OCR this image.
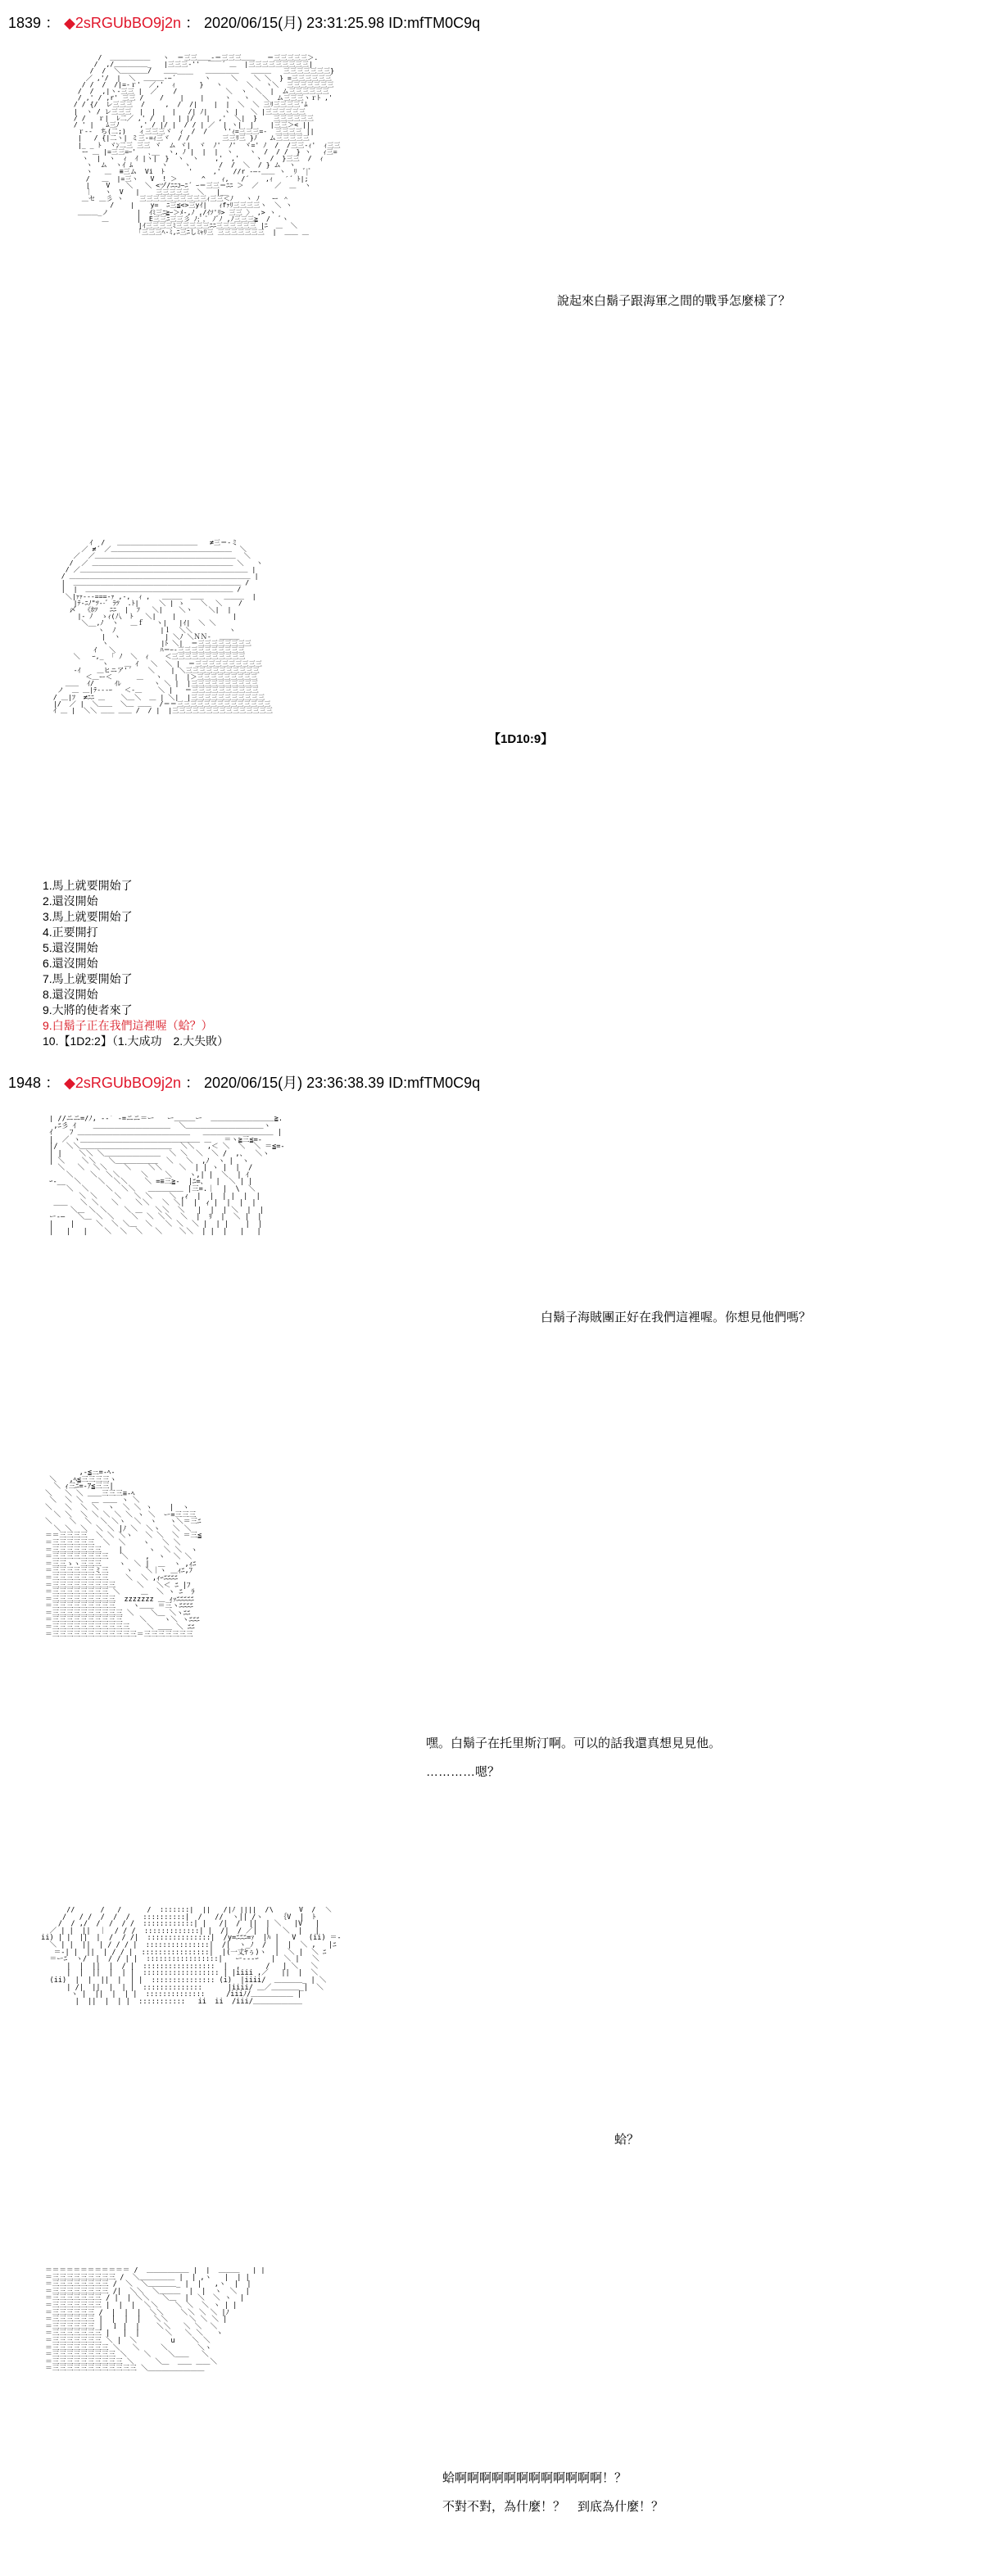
1839 ： ◆2sRGUbBO9j2n ： 2020/06/15(月) 23:31:25.98 ID:mfTM0C9q
/  ＿＿＿＿＿＿   ヽ  ＝三三＿＿-＝三三三＿＿   ＝三三三三三＞.
/  ,/＿＿＿＿＿_   |三三三-''  ￣￣´ ＿  |三三三三三三三三三|
/  /  ＼＿＿＿＿/   ＿＿____   ＿＿＿＿＿   ＿＿＿   三三三三三三三}
／ ,'/  |  ＼  ＿＿＿-~´       ヽ     ＼    ＼ ＼  } =三三三三三三
/ /  /  /|=-ｒ'  ／,'  ｨ      }   ヽ      ＼   ヽ＼  三三三三三三三
/  /  ,|ヽ-三三 |  ／    /            ＼  ヽ  ＼  |  ム三三三三三三
/ ,' / ,r' 三三 /    /    |    |     ヽ   ヽ   ＼  ム三三三ヽｒﾄ ,'
/ / {/  レ三三三  /     ,  /  /|    |  |  ＼  ＼ 三ﾘ三三三三'ﾑ
|  ヽ / レ三三三  |  |    |   /| ﾉ|    ヽ |   ＼ |三三三三三三
/ /   ｒ|  ﾚ二／ ,' /  |   | |/   |  ,'  ＼|  }    三三三三三三
/ ' |   ﾑ三ﾉ     ,' / |/ |  / / | ／  | ヽ|  |    |三三＞< ||
ｒ--  ち(二;)   ィ三三三ヾ  ｨ  /  /    ''ｨ=三三三=‐  三三三三 ||
|   / {|二ヽ| ミ三-=ｨ三ヾ  / /        三三ﾘ三 }ﾉ   ム三三三三三
|_ _ ﾄ  ヾﾝ二三 三三 ヾ  ム ヾ|  ヾ  ﾉ'  ﾉ'  ヾ=' ﾉ  /  /三三-ｨ'  ｨ三三
ー ＿ |=三三=ｰ'   ､__  ヽ, ﾉ |  |  |  ヽ    ヽ  /  / /  } ヽ   ｨ三=
ヽ  |  ヽ  ｨ  ｲ |ヽ|  }  ヽ  ヽ    ,'  ,'    ヽ  /  }三三  /  ｨ
ヽ  ム  ヽｲ ﾑ       ヽ    ヽ       /  /  ＼  / } ム  ヽ
ヽ   ＿  ≡三ム  Vi  ﾄ      '     ,'   //r ‐―‐＿＿ ヽ  ﾘ  ﾞ|ﾞ
/   ＿  |=三ヽ   V  ! ＞      ^    ｨ,   /´    ,ｨ   ′´ ﾄ|;
|    V    ＼   ＼ <ヅ/ﾆﾆｺ~ﾆ´ ｰ＝三三＝ﾆﾆ ＞  ／    ／  ＿  ヽ
｜   ヽ  V   |    三三三三三  ＼   |__
＿セ ＿彡 ヽ    三三三三三三三三三三ｨ三三＜ﾉ   ヽ ﾉ   ー ＾
/    |    y=  ﾆ三≦<>三yｲ|   ｨfｧﾘ三三三三ヽ  ＼ ヽ
＿＿＿_ノ       |  ｲﾐ三ﾆ≧ｰ＞ﾒ‐,ﾉ ,/ｲｿ'ﾘ> 三三 〉 ,> ヽ
＿       |  E三三ﾆ三三彡 ﾉ;ﾞ,ﾟ ﾉﾞﾉ ,ﾉ三三三≧  /  ﾞヽ
|ｲ三三三三ﾐ三三三三三ﾆﾆ三三三三三三 |ﾆ  ＿  ＼
｢三三三ﾍ‐ﾐ,ﾆ三ﾆしﾐｬﾘ三 三三三三三三三  |  ＿＿ ＿
說起來白鬍子跟海軍之間的戰爭怎麼樣了？
ｲ  /   ＿＿＿＿＿＿＿＿＿＿＿＿   ≠三＝-ミ
／ ≠´ ／＿＿＿＿＿＿＿＿＿＿＿＿＿＿＿＿＿＿  ＼
／  ／＿＿＿＿＿＿＿＿＿＿＿＿＿＿＿＿＿＿＿＿＿  ＼
/  ／ ＿＿＿＿＿＿＿＿＿＿＿＿＿＿＿＿＿＿＿＿＿ ＼   ヽ
/ ／＿＿＿＿＿＿＿＿＿＿＿＿＿＿＿＿＿＿＿＿＿＿＿＿＿ |
/ ＿＿＿＿＿＿＿＿＿＿＿＿＿＿＿＿＿＿＿＿＿＿＿＿＿＿＿ |
|  ＿＿＿＿＿＿＿＿＿＿＿＿＿＿＿＿＿＿＿＿＿＿＿＿＿ /
|  |  ＿＿＿＿＿＿＿＿＿＿＿＿＿＿＿＿＿＿＿＿＿＿ /
＼|ｧｧ‐--===-ｧ ,-,  ｨ ,   ＿＿＿  ＿＿     ＿＿＿  |
|ﾃ-ﾆﾉ"ﾂ‐-ﾞ ﾗﾂ  .ﾄ|     ＼ | ゝ    ＼  ＼    /
〆  《ﾎﾂ   ﾆﾆ  |  ﾌ   ＼|    ＼ヽ    ＼|  |
|‐ ﾉ  ゝｨ(八  ﾄ   ＼|    |              |
＼__,ﾉ  ヽ   ＿ｆ   ヽ|   |ｲ|  ＼ ＼
ヽ  ﾉ           |ｌ  ＼＼         ヽ
|  ヽ           | ＼ﾉ ＼ＮＮ-  ＿＿＿
ヽ             |ﾄ ＼|  ＝三三三三三三三三
ｲ   ＼           ﾊ＝ｰ-三三三三三三三三三三
＼   ｰ,_  ｢ ﾉ  ＼  ｨ    ＜三三三三三三三三三三三
ヽ    ＿ ｲ   ＼  ＼ |  ＝三三三三三三三三三三
-ｲ    ＿ヒニア'´    ＼    | ＼三三三三三三三三三三三
＜＿ー＜      ＿   ヽ   |  |＞三三三三三三三三三
＿＿  ｲ/     ｲﾚ        ヽ ＼ |  |三三三三三三三三三三
ノ  ＿ ＿|ﾃ-‐-ｰ   ＜‐＿    ＼ |   ＝三三三三三三三三三三
/ ＿|ﾌ  ≠ﾆﾆ ＿    ＼＿＼  ＿ | ＼|  |三三三三三三三三三三三
|/  ／ |  ＼＿＿  ＼＿ ＿＿  /＝＝三三三三三三三三三三三三三三
ｲ ＿ |  ＼＼ ＿＿ ＿＿ /  / |  |三三三三三三三三三三三三三三三
【1D10:9】
1.馬上就要開始了
2.還沒開始
3.馬上就要開始了
4.正要開打
5.還沒開始
6.還沒開始
7.馬上就要開始了
8.還沒開始
9.大將的使者來了
9.白鬍子正在我們這裡喔（蛤？）
10.【1D2:2】（1.大成功　2.大失敗）
1948 ： ◆2sRGUbBO9j2n ： 2020/06/15(月) 23:36:38.39 ID:mfTM0C9q
| //ニニ=/ﾉ, -‐´ -=ニニ＝ー   ー＿＿＿ー  ＿＿＿＿＿＿＿＿＿≧.
,ﾆ彡 ｲ    ＿＿＿＿＿＿＿＿＿＿＿  ＼＿＿＿＿＿＿＿＿＿＿＿ヽ
ｲ    ﾌ ＿＿＿＿＿＿＿＿＿＿＿＿＿＿＿＿   ＿＿＿＿＿＿＿＿＿＿ |
|  ／ ヽ＿＿＿＿＿＿＿＿＿＿＿＿＿＿＿＿＿ ＿   ＝ヽ≧三≦=-
|/  ＼＼＿＿＿＿＿＿＿＿＿＿＿＿＿  ＼＼   ,＜ ＼  ＼  ＼ ＝≦=-
| |    ＼＼ ＼＿＿＿＿＿＿＿＿  ＼ ＼  ＼  ＼ /  ,、  ＼ヽ
| ＼    ＼＼   ＼＿＿＿＿＿＿  ＼   ＼  ,ﾉ  ヽ |  ヽ
＼   ＼  ＼＼    ＼    ＼＼    ＼  | | ヽ |  |  /
＼    ＼  ＼＼     ＼    ＼    ヽ,| |  ＼  | ｲ
ｰ-__  ＼    ＼  ＼＼    ＼ =≡三≧-  |ﾆ=、  |  ＼ | |
＼  ＼    ＼  ＼＼   ＿＿＿＿＿ |三=.｜  |  \  ＼
＼ ＼    ＼   ＼ ＼    ＼ ,ｨ  |  |  | |  |  |
＿＿   ＼ ＼   ＼    ＼＼   ＼ ＼|  |  ｨ |  |  |  |
＼＿ ＼ ＼    ＼ ＿   ＼＼  ＼   |  |  | ＼  |  |
ー‐―   ＼＿ ＼ ＼    ＼  ＼ ＼＼  ＼  |  ﾘ  |  ＼ |  |
|    |     ＼  ＼ ＼＿  ＼   ＼ ＼  ＼ |  | |    |  |
|   |   |    ＼  ＼  ＼   ＼    ＼＼  | |  |   |   |
白鬍子海賊團正好在我們這裡喔。你想見他們嗎？
,-≦三=-ﾍ-
＼   ,ﾍ≦三三三三ヽ
＼ ｨ三ﾆ=-ｱ≦三三|
＼   ＼ ＼ ＿＿三三三≡-ﾍ
＼  ＼ ＼  ＿ ＿＿ ヽ ＼
＼   ＼  ＼ ＼  ヽ  ＼ ＼ ヽ    |  ヽ
＼ ＼  ＼ ＼ ＼ ＼ ＼ ヽ ＼  ー=三三三
＼    ＼  ＼  ＼ ＼ヽ  ＼  ヽ   ヽ＼＝三ﾆ
＼ ＼  ＼  ＼ ＼ |ﾉ ＼  ＼ヽ   ＼ ＼
＝＝三三三三  ＼ ＼ ＼ヽ   ＼ ＼  ＼ ＝三≦
＝三三三三三三  ＼  ＼    ヽ   ＼ ＼
＝三三三三三三三    |      ヽ  ＼ ＼  ヽ
＝三三三三三三三三   ＼    ,  ヽ  ＼ ＼
＝三三ゝヽ三三三    ヽ  ＼ |  ＿  ヽ ,ｨﾆ
＝三三三三三三ミ三    ヽ   ＼｜ヽ ＿ｨﾆ,ﾌ
＝三三三三三三三三    ＼  ＼ ,ｨｰﾆﾆﾆﾆ
＝三三三三三三三三三     ＼   ＼＜ ﾆ |ﾌ
＝三三三三三三三三 ＼     ＿  ＼ ヽ ﾆ  ﾗ
＝三三三三三三三三三  zzzzzzz ＿ ｨｯﾆﾆﾆﾆﾆ
＝三三三三三三三三三    ヽ＿＿ ＝三ヽﾆﾆﾆﾆ
＝三三三三三三三三三三 ＼    ＼＿ ＼ヽﾆﾆ
＝三三三三三三三三三三    ＼    ヽ＼ ヽﾆﾆﾆ
＝三三三三三三三三三三三    ＼ ＿＿ ＼ ﾆﾆ
＝三三三三三三三三三三三三＝三三三三三三三
嘿。白鬍子在托里斯汀啊。可以的話我還真想見見他。
…………嗯？
//      /   /      /  :::::::|  ||   /|ﾉ ||||  /\      V  /  ＼
/   / /  /  /  /   ::::::::::|  /   //  ヽ|| /ヽ    ｛V  |  ﾄ
/  / ,/  /  /  / /  ::::::::::::| |   /|  /  ||  | ＼   |V   |
／ | |  ||  ｜  / / /  :::::::::::::| |  /|  / ／|  |   ＼  |   |
ii) | |  ||  |  /  / /|  :::::::::::::::|  /y=ﾆﾆﾆ=ｧ  |ﾊ |   V   (ii) ＝-
＼ | |  ||  | / / / |  :::::::::::::::|  /|  ヽ_ﾉ  /  |  |  ＼ ,   |ﾆ
＝-| |  ||  | / / |  ::::::::::::::::|  |(一丈ﾔぅ)ヽ  |  ＼ |  ＼ ﾆ
＝ーﾆ  ヽ/  |  / / | |  :::::::::::::::::|   ー---ｰ   |  ＼ |   ＼
|  |  ||  |  / |  :::::::::::::::::  |  ,      /   | ＼   ＼
|  |  ||  |  | |  :::::::::::::::::: | |iiii ,／   ||  |  ＼
(ii)  |  |  ||  |  | |  ::::::::::::::: (i)  |iiii/  ＿＿＿＿_ | ＼
| /|  ||  |  | |  ::::::::::::::      |iiii/ ＿／＿＿＿＿_|  ＼
ヽ |  ||  |  | |  ::::::::::::::     /iiiﾉ/＿＿＿＿＿＿ |
|  ||  |  | |  :::::::::::   ii  ii  /iii/＿＿＿＿＿＿＿
蛤？
＝＝＝＝＝＝＝＝＝＝＝＝ /  ＿＿＿＿＿＿ |  |  ＿＿＿   | |
＝三三三三三三三三三 /  ＼＿＿＿＿＿ |  | ,ヽ   |  | |
＝三三三三三三三三 /  ＼  ＼＿＿＿＿_ |  |   ,ヽ  |  |
＝三三三三三三三三 /|  ＼＼  ＼＿＿＿  |  |  ヽ  ＼  |
＝三三三三三三三 / |  | ＼＼   ＼＿  |  ＼  ＼ ヽ  |
＝三三三三三三三 |  |  |  ＼＼    ＼ ＼  ＼ ヽ | |
＝三三三三三三 /  |  |  |  ＼＼    ＼＼ ＼ ＼ |ﾉ
＝三三三三三三 |  |  |  |   ＼＼     ＼ ＼ ＼ |
＝三三三三三三 |  ｌ |  |    ＼＼   ＼ ＼  ＼
＝三三三三三三三 |   |  |      ＼   ＼ ＼   ヽ
＝三三三三三三三 ＼ |  ＼        u    ＼ ＼
＝三三三三三三三三 ＼   ＼     ＼       ＼ヽ
＝三三三三三三三三三 ＼    ＼    ＼＿＿   ＼
＝三三三三三三三三三三 ＼     ＼＿  ＿＿ ＿＿＼
＝三三三三三三三三三三三三 ＼＿＿＿＿＿＿＿＿
蛤啊啊啊啊啊啊啊啊啊啊啊啊！？
不對不對，為什麼！？　到底為什麼！？
